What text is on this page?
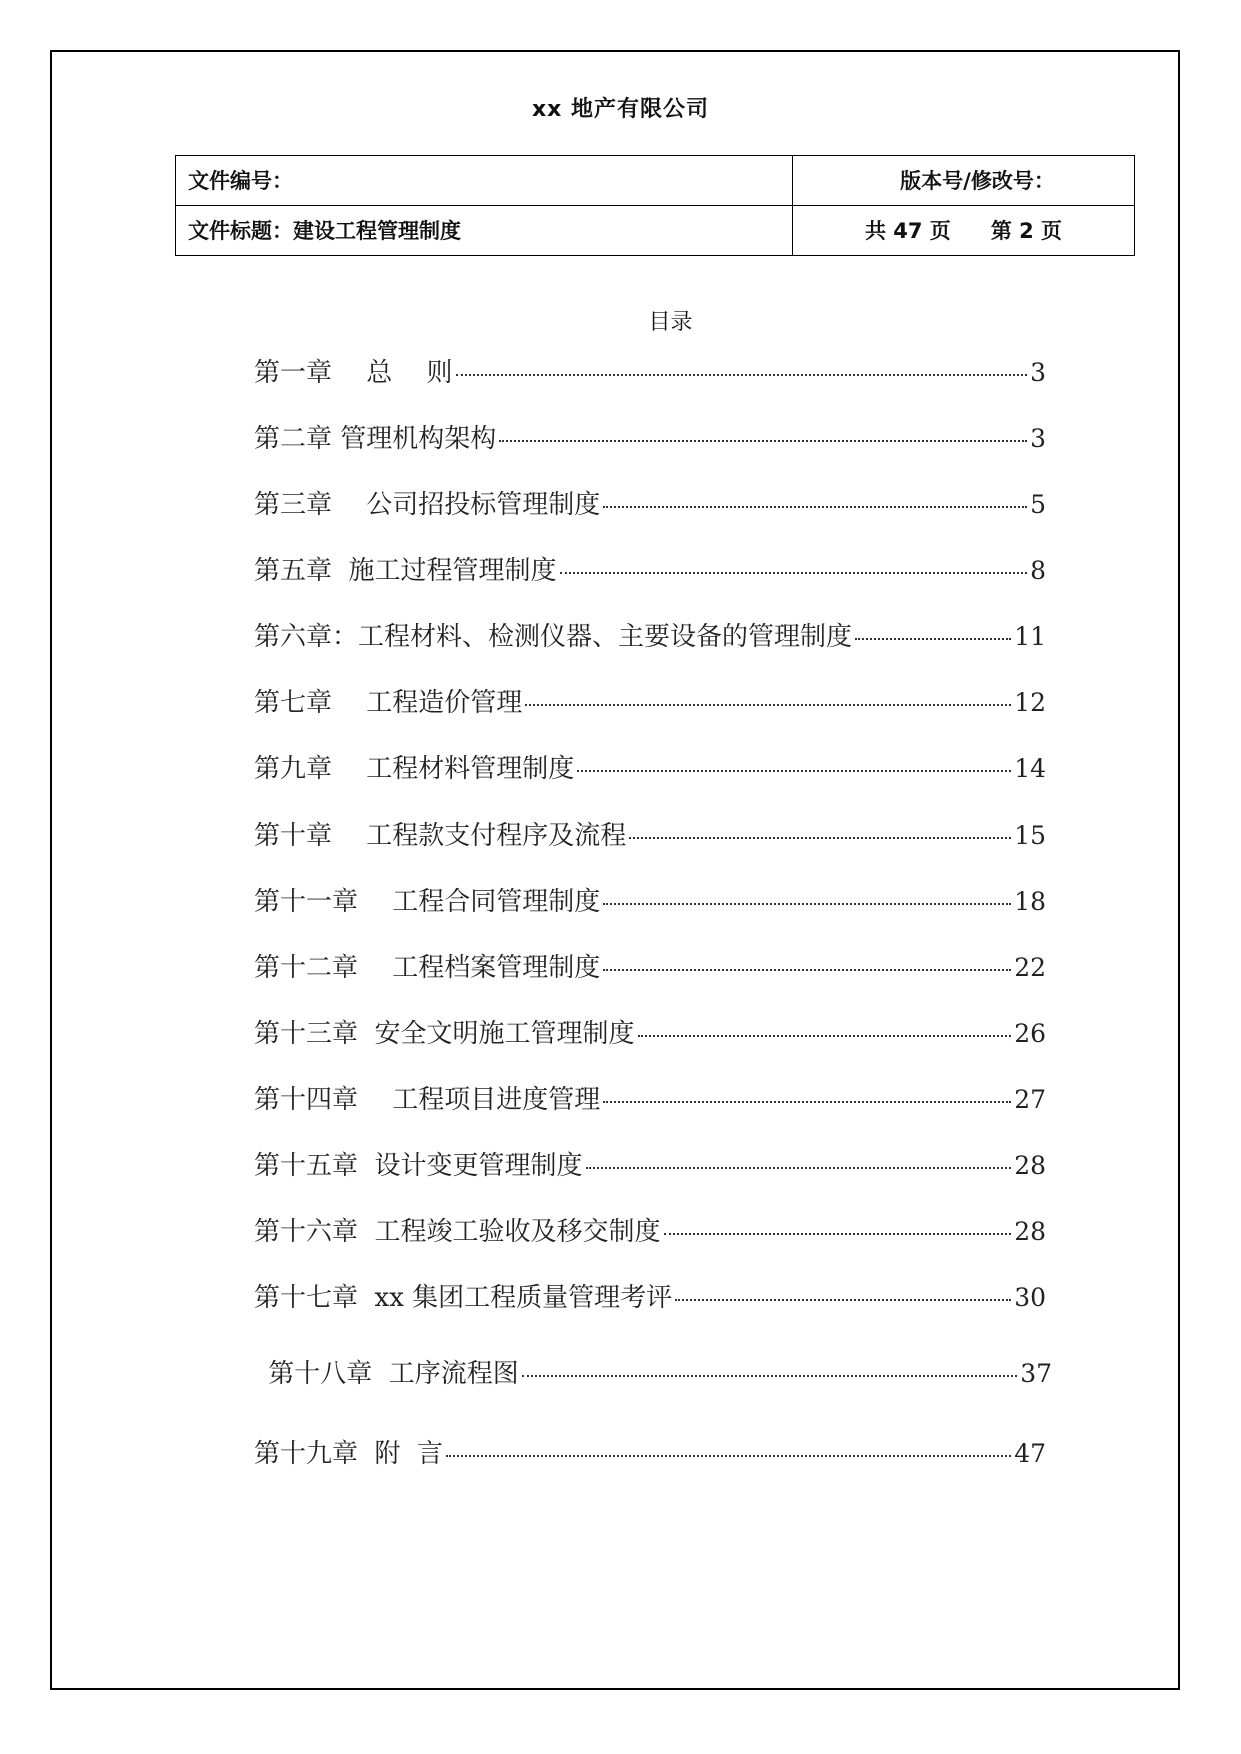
xx 地产有限公司
文件编号：	版本号/修改号：
文件标题：建设工程管理制度	共 47 页 第 2 页
目录
第一章　 总　 则	3
第二章 管理机构架构	3
第三章　 公司招投标管理制度	5
第五章  施工过程管理制度	8
第六章：工程材料、检测仪器、主要设备的管理制度	11
第七章　 工程造价管理	12
第九章　 工程材料管理制度	14
第十章　 工程款支付程序及流程	15
第十一章　 工程合同管理制度	18
第十二章　 工程档案管理制度	22
第十三章  安全文明施工管理制度	26
第十四章　 工程项目进度管理	27
第十五章  设计变更管理制度	28
第十六章  工程竣工验收及移交制度	28
第十七章  xx 集团工程质量管理考评	30
第十八章  工序流程图	37
第十九章  附  言	47
